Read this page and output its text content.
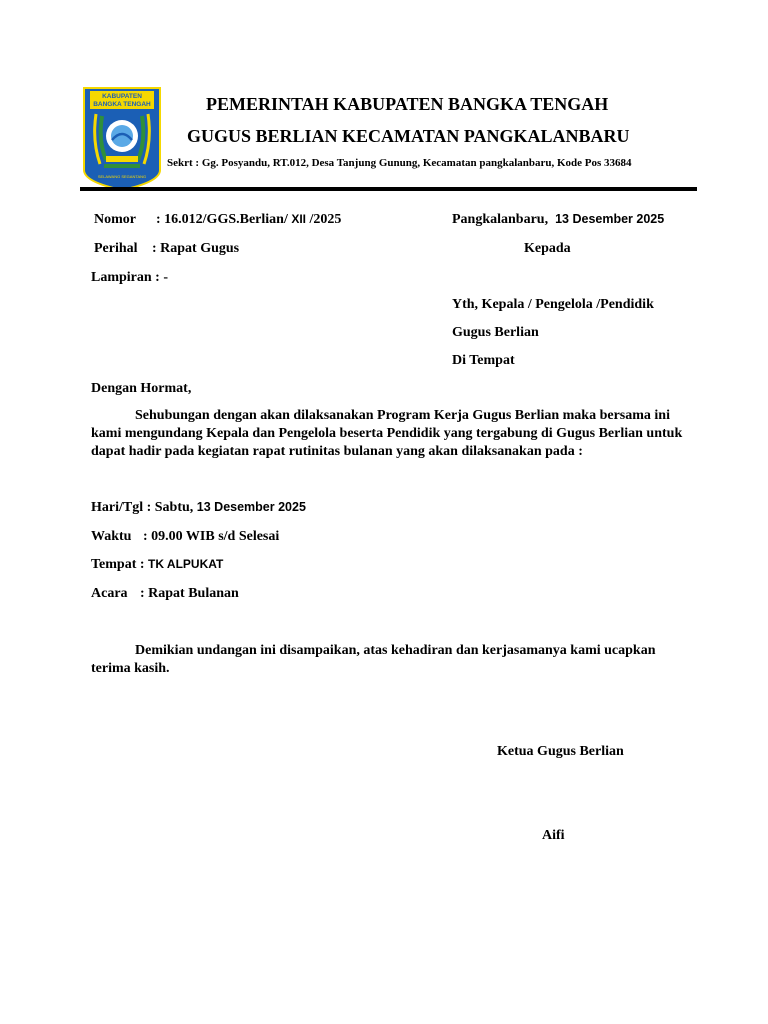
KABUPATEN
BANGKA TENGAH
SELAWANG SEGANTANG
PEMERINTAH KABUPATEN BANGKA TENGAH
GUGUS BERLIAN KECAMATAN PANGKALANBARU
Sekrt : Gg. Posyandu, RT.012, Desa Tanjung Gunung, Kecamatan pangkalanbaru, Kode Pos 33684
Nomor : 16.012/GGS.Berlian/ XII /2025	Pangkalanbaru, 13 Desember 2025
Perihal : Rapat Gugus	Kepada
Lampiran : -
Yth, Kepala / Pengelola /Pendidik
Gugus Berlian
Di Tempat
Dengan Hormat,
Sehubungan dengan akan dilaksanakan Program Kerja Gugus Berlian maka bersama ini
kami mengundang Kepala dan Pengelola beserta Pendidik yang tergabung di Gugus Berlian untuk
dapat hadir pada kegiatan rapat rutinitas bulanan yang akan dilaksanakan pada :
Hari/Tgl : Sabtu, 13 Desember 2025
Waktu : 09.00 WIB s/d Selesai
Tempat : TK ALPUKAT
Acara : Rapat Bulanan
Demikian undangan ini disampaikan, atas kehadiran dan kerjasamanya kami ucapkan
terima kasih.
Ketua Gugus Berlian
Aifi
